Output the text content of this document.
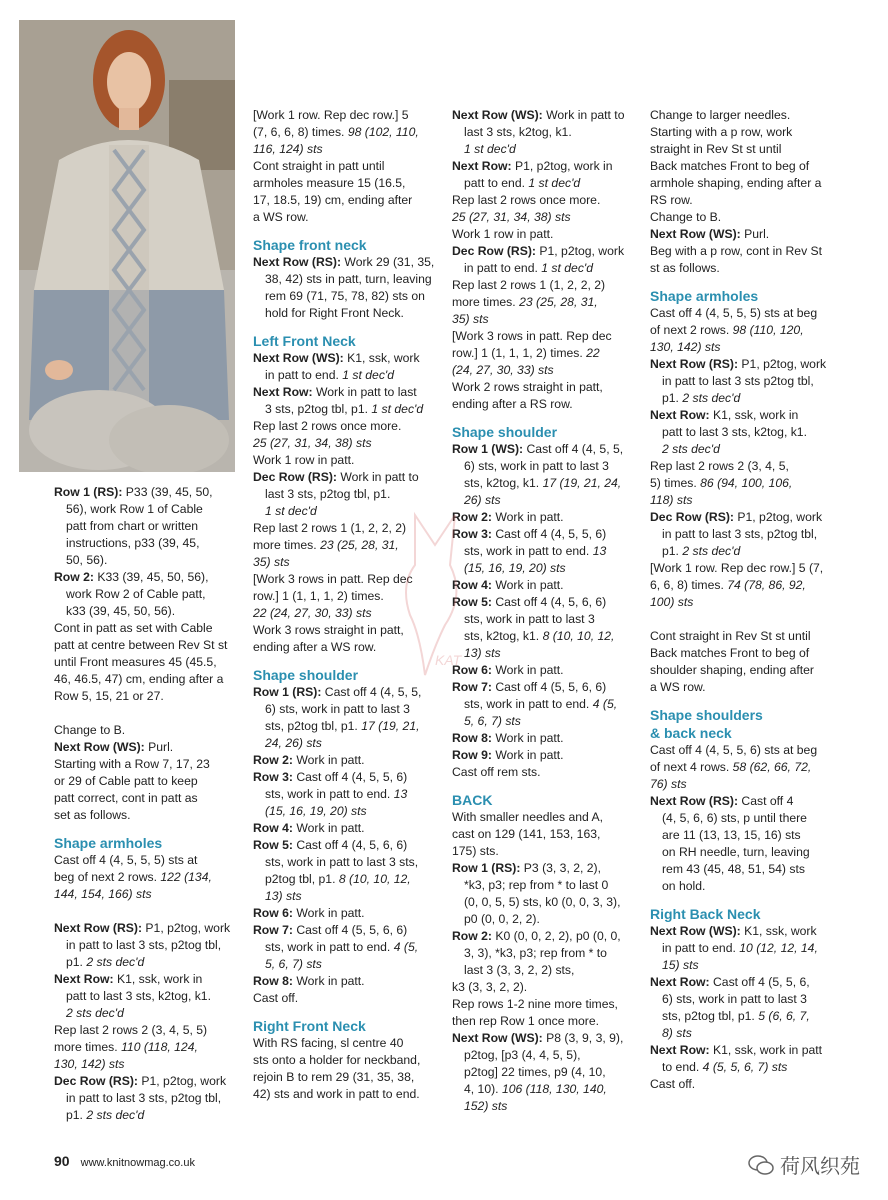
Row 1 (RS): P33 (39, 45, 50,

56), work Row 1 of Cable

patt from chart or written

instructions, p33 (39, 45,

50, 56).

Row 2: K33 (39, 45, 50, 56),

work Row 2 of Cable patt,

k33 (39, 45, 50, 56).

Cont in patt as set with Cable

patt at centre between Rev St st

until Front measures 45 (45.5,

46, 46.5, 47) cm, ending after a

Row 5, 15, 21 or 27.

Change to B.

Next Row (WS): Purl.

Starting with a Row 7, 17, 23

or 29 of Cable patt to keep

patt correct, cont in patt as

set as follows.

Shape armholes

Cast off 4 (4, 5, 5, 5) sts at

beg of next 2 rows. 122 (134,

144, 154, 166) sts

Next Row (RS): P1, p2tog, work

in patt to last 3 sts, p2tog tbl,

p1. 2 sts dec'd

Next Row: K1, ssk, work in

patt to last 3 sts, k2tog, k1.

2 sts dec'd

Rep last 2 rows 2 (3, 4, 5, 5)

more times. 110 (118, 124,

130, 142) sts

Dec Row (RS): P1, p2tog, work

in patt to last 3 sts, p2tog tbl,

p1. 2 sts dec'd

[Work 1 row. Rep dec row.] 5

(7, 6, 6, 8) times. 98 (102, 110,

116, 124) sts

Cont straight in patt until

armholes measure 15 (16.5,

17, 18.5, 19) cm, ending after

a WS row.

Shape front neck

Next Row (RS): Work 29 (31, 35,

38, 42) sts in patt, turn, leaving

rem 69 (71, 75, 78, 82) sts on

hold for Right Front Neck.

Left Front Neck

Next Row (WS): K1, ssk, work

in patt to end. 1 st dec'd

Next Row: Work in patt to last

3 sts, p2tog tbl, p1. 1 st dec'd

Rep last 2 rows once more.

25 (27, 31, 34, 38) sts

Work 1 row in patt.

Dec Row (RS): Work in patt to

last 3 sts, p2tog tbl, p1.

1 st dec'd

Rep last 2 rows 1 (1, 2, 2, 2)

more times. 23 (25, 28, 31,

35) sts

[Work 3 rows in patt. Rep dec

row.] 1 (1, 1, 1, 2) times.

22 (24, 27, 30, 33) sts

Work 3 rows straight in patt,

ending after a WS row.

Shape shoulder

Row 1 (RS): Cast off 4 (4, 5, 5,

6) sts, work in patt to last 3

sts, p2tog tbl, p1. 17 (19, 21,

24, 26) sts

Row 2: Work in patt.

Row 3: Cast off 4 (4, 5, 5, 6)

sts, work in patt to end. 13

(15, 16, 19, 20) sts

Row 4: Work in patt.

Row 5: Cast off 4 (4, 5, 6, 6)

sts, work in patt to last 3 sts,

p2tog tbl, p1. 8 (10, 10, 12,

13) sts

Row 6: Work in patt.

Row 7: Cast off 4 (5, 5, 6, 6)

sts, work in patt to end. 4 (5,

5, 6, 7) sts

Row 8: Work in patt.

Cast off.

Right Front Neck

With RS facing, sl centre 40

sts onto a holder for neckband,

rejoin B to rem 29 (31, 35, 38,

42) sts and work in patt to end.

Next Row (WS): Work in patt to

last 3 sts, k2tog, k1.

1 st dec'd

Next Row: P1, p2tog, work in

patt to end. 1 st dec'd

Rep last 2 rows once more.

25 (27, 31, 34, 38) sts

Work 1 row in patt.

Dec Row (RS): P1, p2tog, work

in patt to end. 1 st dec'd

Rep last 2 rows 1 (1, 2, 2, 2)

more times. 23 (25, 28, 31,

35) sts

[Work 3 rows in patt. Rep dec

row.] 1 (1, 1, 1, 2) times. 22

(24, 27, 30, 33) sts

Work 2 rows straight in patt,

ending after a RS row.

Shape shoulder

Row 1 (WS): Cast off 4 (4, 5, 5,

6) sts, work in patt to last 3

sts, k2tog, k1. 17 (19, 21, 24,

26) sts

Row 2: Work in patt.

Row 3: Cast off 4 (4, 5, 5, 6)

sts, work in patt to end. 13

(15, 16, 19, 20) sts

Row 4: Work in patt.

Row 5: Cast off 4 (4, 5, 6, 6)

sts, work in patt to last 3

sts, k2tog, k1. 8 (10, 10, 12,

13) sts

Row 6: Work in patt.

Row 7: Cast off 4 (5, 5, 6, 6)

sts, work in patt to end. 4 (5,

5, 6, 7) sts

Row 8: Work in patt.

Row 9: Work in patt.

Cast off rem sts.

BACK

With smaller needles and A,

cast on 129 (141, 153, 163,

175) sts.

Row 1 (RS): P3 (3, 3, 2, 2),

*k3, p3; rep from * to last 0

(0, 0, 5, 5) sts, k0 (0, 0, 3, 3),

p0 (0, 0, 2, 2).

Row 2: K0 (0, 0, 2, 2), p0 (0, 0,

3, 3), *k3, p3; rep from * to

last 3 (3, 3, 2, 2) sts,

k3 (3, 3, 2, 2).

Rep rows 1-2 nine more times,

then rep Row 1 once more.

Next Row (WS): P8 (3, 9, 3, 9),

p2tog, [p3 (4, 4, 5, 5),

p2tog] 22 times, p9 (4, 10,

4, 10). 106 (118, 130, 140,

152) sts

Change to larger needles.

Starting with a p row, work

straight in Rev St st until

Back matches Front to beg of

armhole shaping, ending after a

RS row.

Change to B.

Next Row (WS): Purl.

Beg with a p row, cont in Rev St

st as follows.

Shape armholes

Cast off 4 (4, 5, 5, 5) sts at beg

of next 2 rows. 98 (110, 120,

130, 142) sts

Next Row (RS): P1, p2tog, work

in patt to last 3 sts p2tog tbl,

p1. 2 sts dec'd

Next Row: K1, ssk, work in

patt to last 3 sts, k2tog, k1.

2 sts dec'd

Rep last 2 rows 2 (3, 4, 5,

5) times. 86 (94, 100, 106,

118) sts

Dec Row (RS): P1, p2tog, work

in patt to last 3 sts, p2tog tbl,

p1. 2 sts dec'd

[Work 1 row. Rep dec row.] 5 (7,

6, 6, 8) times. 74 (78, 86, 92,

100) sts

Cont straight in Rev St st until

Back matches Front to beg of

shoulder shaping, ending after

a WS row.

Shape shoulders

& back neck

Cast off 4 (4, 5, 5, 6) sts at beg

of next 4 rows. 58 (62, 66, 72,

76) sts

Next Row (RS): Cast off 4

(4, 5, 6, 6) sts, p until there

are 11 (13, 13, 15, 16) sts

on RH needle, turn, leaving

rem 43 (45, 48, 51, 54) sts

on hold.

Right Back Neck

Next Row (WS): K1, ssk, work

in patt to end. 10 (12, 12, 14,

15) sts

Next Row: Cast off 4 (5, 5, 6,

6) sts, work in patt to last 3

sts, p2tog tbl, p1. 5 (6, 6, 7,

8) sts

Next Row: K1, ssk, work in patt

to end. 4 (5, 5, 6, 7) sts

Cast off.

KAT
90 www.knitnowmag.co.uk	荷风织苑
